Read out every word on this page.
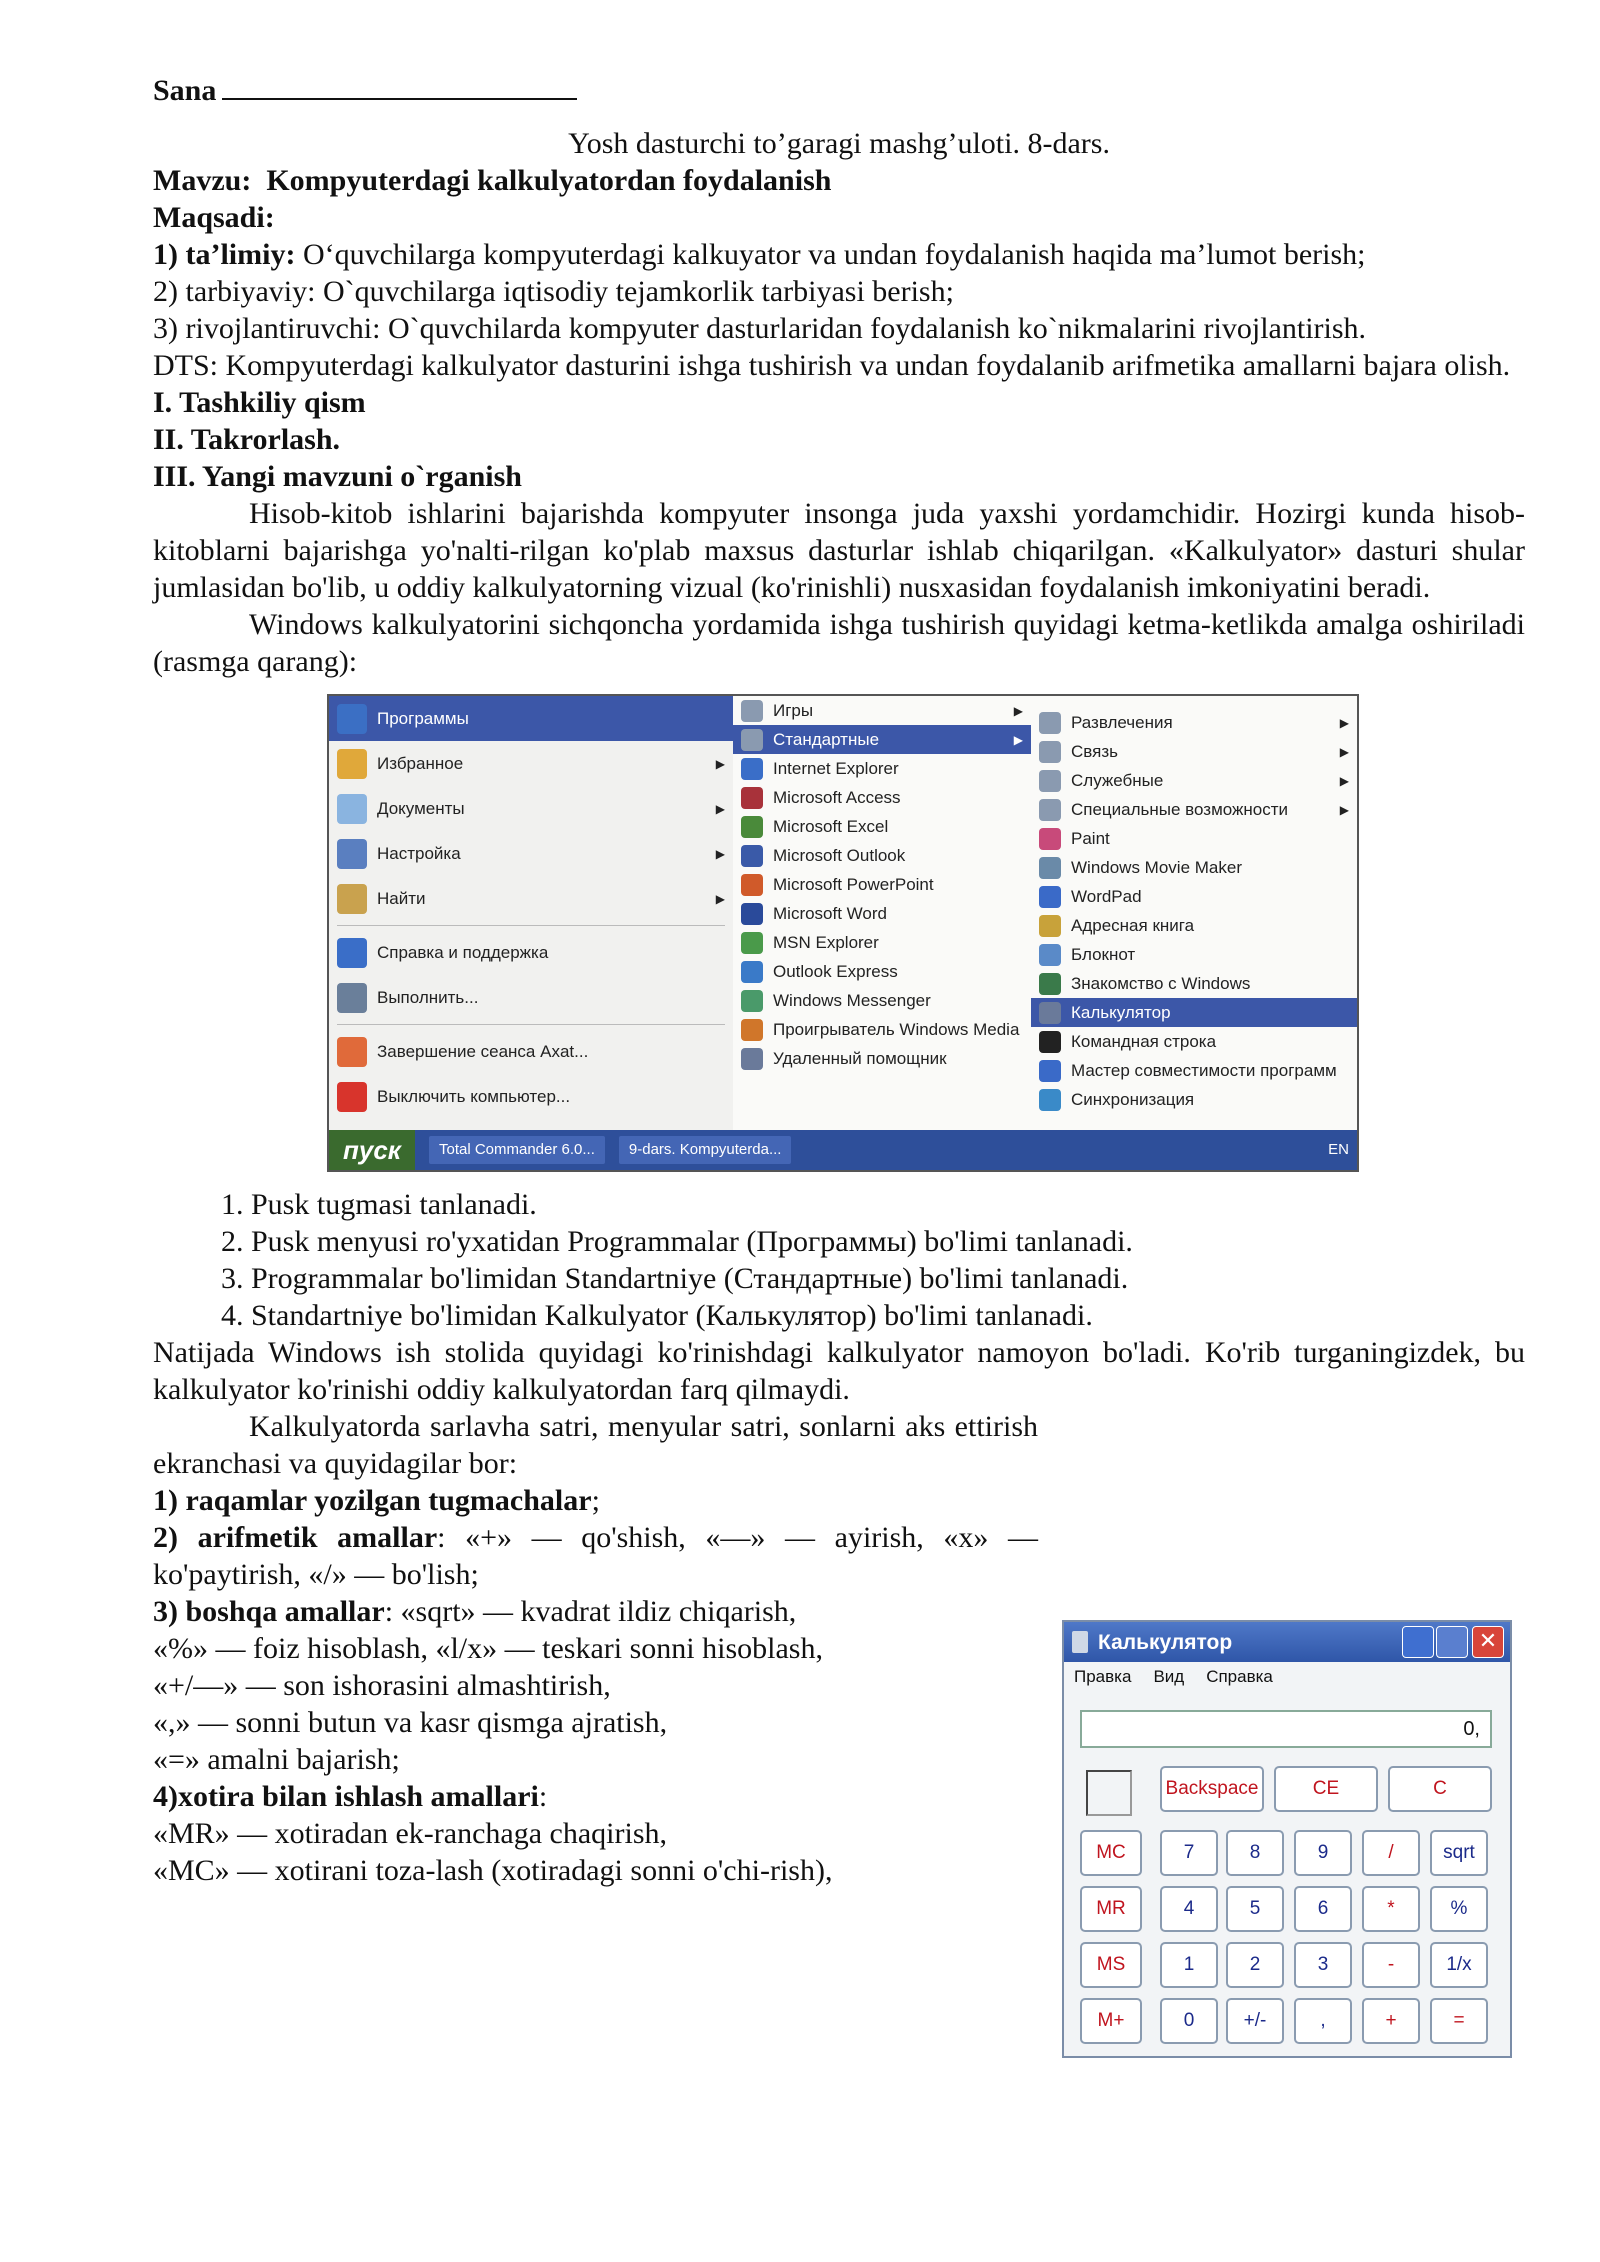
Sana

Yosh dasturchi to’garagi mashg’uloti. 8-dars.

Mavzu: Kompyuterdagi kalkulyatordan foydalanish

Maqsadi:

1) ta’limiy: O‘quvchilarga kompyuterdagi kalkuyator va undan foydalanish haqida ma’lumot berish;

2) tarbiyaviy: O`quvchilarga iqtisodiy tejamkorlik tarbiyasi berish;

3) rivojlantiruvchi: O`quvchilarda kompyuter dasturlaridan foydalanish ko`nikmalarini rivojlantirish.

DTS: Kompyuterdagi kalkulyator dasturini ishga tushirish va undan foydalanib arifmetika amallarni bajara olish.

I. Tashkiliy qism

II. Takrorlash.

III. Yangi mavzuni o`rganish

Hisob-kitob ishlarini bajarishda kompyuter insonga juda yaxshi yordamchidir. Hozirgi kunda hisob-kitoblarni bajarishga yo'nalti-rilgan ko'plab maxsus dasturlar ishlab chiqarilgan. «Kalkulyator» dasturi shular jumlasidan bo'lib, u oddiy kalkulyatorning vizual (ko'rinishli) nusxasidan foydalanish imkoniyatini beradi.

Windows kalkulyatorini sichqoncha yordamida ishga tushirish quyidagi ketma-ketlikda amalga oshiriladi (rasmga qarang):

Программы
Избранное	▶
Документы	▶
Настройка	▶
Найти	▶
Справка и поддержка
Выполнить...
Завершение сеанса Axat...
Выключить компьютер...
Игры	▶
Стандартные	▶
Internet Explorer
Microsoft Access
Microsoft Excel
Microsoft Outlook
Microsoft PowerPoint
Microsoft Word
MSN Explorer
Outlook Express
Windows Messenger
Проигрыватель Windows Media
Удаленный помощник
Развлечения	▶
Связь	▶
Служебные	▶
Специальные возможности	▶
Paint
Windows Movie Maker
WordPad
Адресная книга
Блокнот
Знакомство с Windows
Калькулятор
Командная строка
Мастер совместимости программ
Синхронизация
пуск	Total Commander 6.0...	9-dars. Kompyuterda...	EN
1. Pusk tugmasi tanlanadi.
2. Pusk menyusi ro'yxatidan Programmalar (Программы) bo'limi tanlanadi.
3. Programmalar bo'limidan Standartniye (Стандартные) bo'limi tanlanadi.
4. Standartniye bo'limidan Kalkulyator (Калькулятор) bo'limi tanlanadi.

Natijada Windows ish stolida quyidagi ko'rinishdagi kalkulyator namoyon bo'ladi. Ko'rib turganingizdek, bu kalkulyator ko'rinishi oddiy kalkulyatordan farq qilmaydi.

Kalkulyatorda sarlavha satri, menyular satri, sonlarni aks ettirish ekranchasi va quyidagilar bor:

1) raqamlar yozilgan tugmachalar;

2) arifmetik amallar: «+» — qo'shish, «—» — ayirish, «x» — ko'paytirish, «/» — bo'lish;

3) boshqa amallar: «sqrt» — kvadrat ildiz chiqarish,

«%» — foiz hisoblash, «l/x» — teskari sonni hisoblash,

«+/—» — son ishorasini almashtirish,

«,» — sonni butun va kasr qismga ajratish,

«=» amalni bajarish;

4)xotira bilan ishlash amallari:

«MR» — xotiradan ek-ranchaga chaqirish,

«MC» — xotirani toza-lash (xotiradagi sonni o'chi-rish),

Калькулятор	✕
Правка Вид Справка
0,
Backspace	CE	C
MC	7	8	9	/	sqrt
MR	4	5	6	*	%
MS	1	2	3	-	1/x
M+	0	+/-	,	+	=
